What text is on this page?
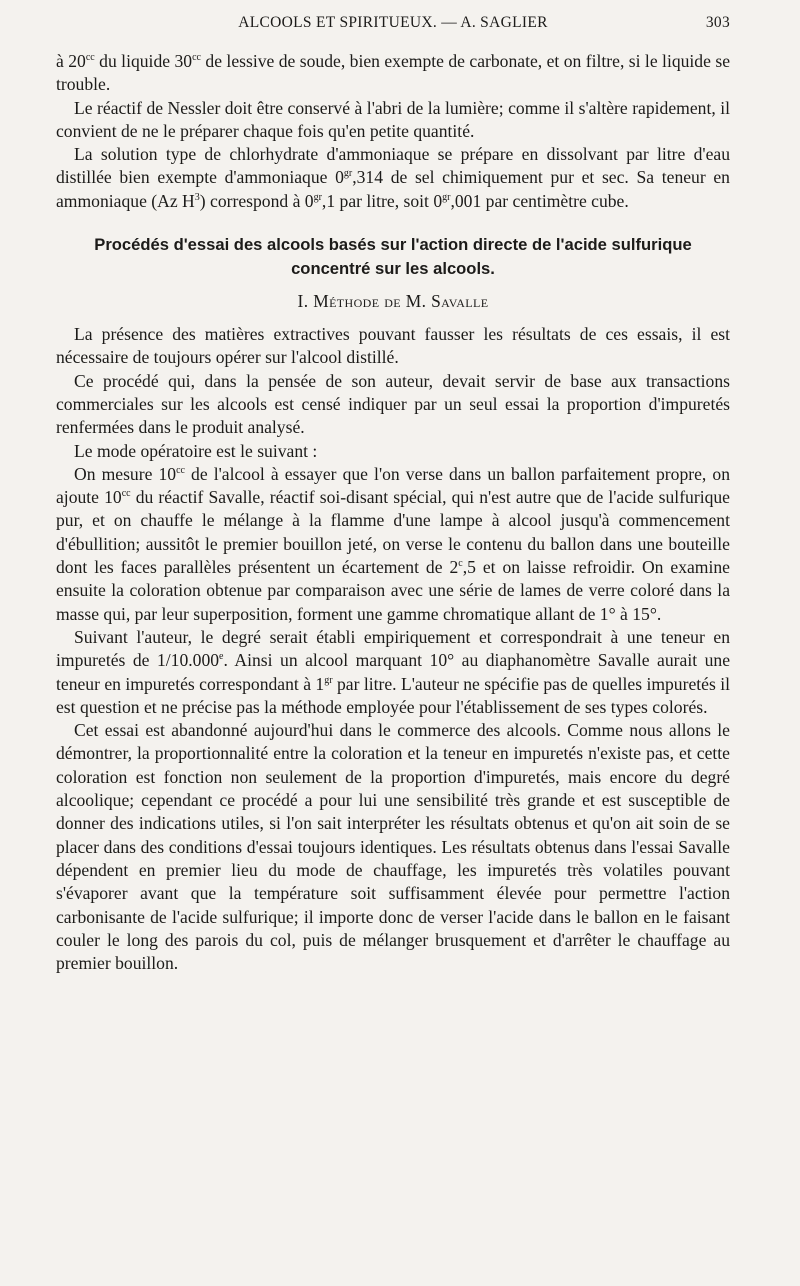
ALCOOLS ET SPIRITUEUX. — A. SAGLIER	303

à $20^{cc}$ du liquide $30^{cc}$ de lessive de soude, bien exempte de carbonate, et on filtre, si le liquide se trouble.

Le réactif de Nessler doit être conservé à l'abri de la lumière; comme il s'altère rapidement, il convient de ne le préparer chaque fois qu'en petite quantité.

La solution type de chlorhydrate d'ammoniaque se prépare en dissolvant par litre d'eau distillée bien exempte d'ammoniaque $0^{gr},314$ de sel chimiquement pur et sec. Sa teneur en ammoniaque (Az $H^3$) correspond à $0^{gr},1$ par litre, soit $0^{gr},001$ par centimètre cube.

Procédés d'essai des alcools basés sur l'action directe de l'acide sulfurique concentré sur les alcools.
I. Méthode de M. Savalle

La présence des matières extractives pouvant fausser les résultats de ces essais, il est nécessaire de toujours opérer sur l'alcool distillé.

Ce procédé qui, dans la pensée de son auteur, devait servir de base aux transactions commerciales sur les alcools est censé indiquer par un seul essai la proportion d'impuretés renfermées dans le produit analysé.

Le mode opératoire est le suivant :

On mesure $10^{cc}$ de l'alcool à essayer que l'on verse dans un ballon parfaitement propre, on ajoute $10^{cc}$ du réactif Savalle, réactif soi-disant spécial, qui n'est autre que de l'acide sulfurique pur, et on chauffe le mélange à la flamme d'une lampe à alcool jusqu'à commencement d'ébullition; aussitôt le premier bouillon jeté, on verse le contenu du ballon dans une bouteille dont les faces parallèles présentent un écartement de 2$^c$,5 et on laisse refroidir. On examine ensuite la coloration obtenue par comparaison avec une série de lames de verre coloré dans la masse qui, par leur superposition, forment une gamme chromatique allant de 1° à 15°.

Suivant l'auteur, le degré serait établi empiriquement et correspondrait à une teneur en impuretés de 1/10.000e. Ainsi un alcool marquant 10° au diaphanomètre Savalle aurait une teneur en impuretés correspondant à $1^{gr}$ par litre. L'auteur ne spécifie pas de quelles impuretés il est question et ne précise pas la méthode employée pour l'établissement de ses types colorés.

Cet essai est abandonné aujourd'hui dans le commerce des alcools. Comme nous allons le démontrer, la proportionnalité entre la coloration et la teneur en impuretés n'existe pas, et cette coloration est fonction non seulement de la proportion d'impuretés, mais encore du degré alcoolique; cependant ce procédé a pour lui une sensibilité très grande et est susceptible de donner des indications utiles, si l'on sait interpréter les résultats obtenus et qu'on ait soin de se placer dans des conditions d'essai toujours identiques. Les résultats obtenus dans l'essai Savalle dépendent en premier lieu du mode de chauffage, les impuretés très volatiles pouvant s'évaporer avant que la température soit suffisamment élevée pour permettre l'action carbonisante de l'acide sulfurique; il importe donc de verser l'acide dans le ballon en le faisant couler le long des parois du col, puis de mélanger brusquement et d'arrêter le chauffage au premier bouillon.
